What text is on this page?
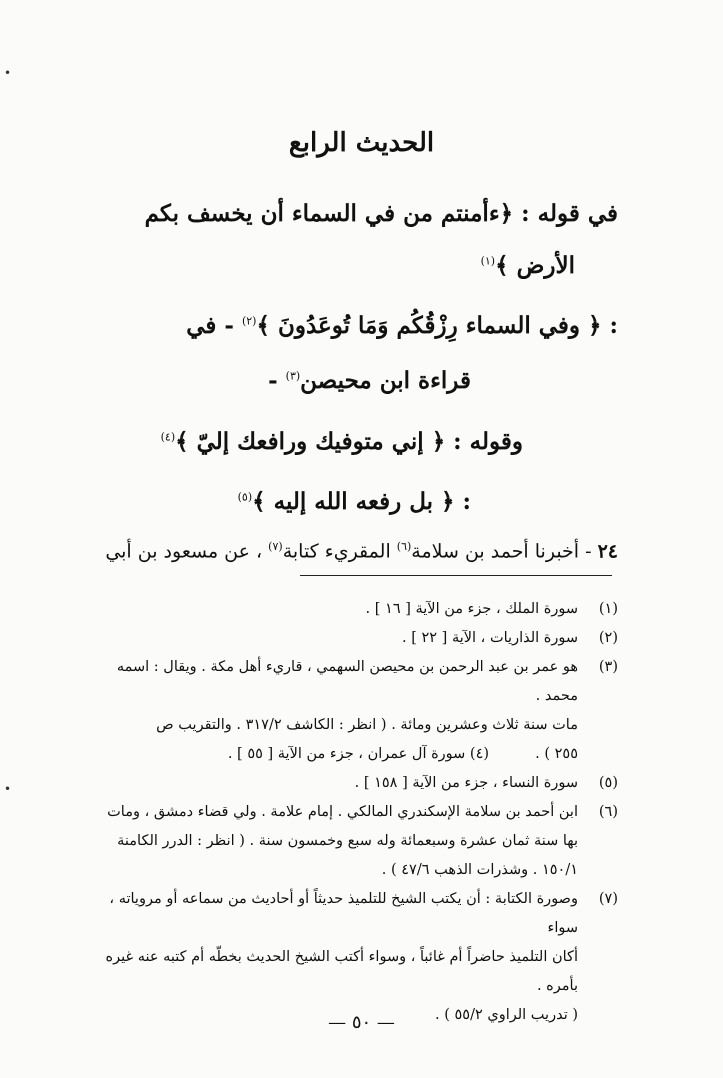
•
•
الحديث الرابع
في قوله : ﴿ءأمنتم من في السماء أن يخسف بكم
الأرض ﴾$^{(١)}$
: ﴿ وفي السماء رِزْقُكُم وَمَا تُوعَدُونَ ﴾$^{(٢)}$ - في
قراءة ابن محيصن$^{(٣)}$ -
وقوله : ﴿ إني متوفيك ورافعك إليّ ﴾$^{(٤)}$
: ﴿ بل رفعه الله إليه ﴾$^{(٥)}$
٢٤ - أخبرنا أحمد بن سلامة$^{(٦)}$ المقريء كتابة$^{(٧)}$ ، عن مسعود بن أبي
(١)
سورة الملك ، جزء من الآية [ ١٦ ] .
(٢)
سورة الذاريات ، الآية [ ٢٢ ] .
(٣)
هو عمر بن عبد الرحمن بن محيصن السهمي ، قاريء أهل مكة . ويقال : اسمه محمد .
مات سنة ثلاث وعشرين ومائة . ( انظر : الكاشف ٣١٧/٢ . والتقريب ص
٢٥٥ ) .          (٤) سورة آل عمران ، جزء من الآية [ ٥٥ ] .
(٥)
سورة النساء ، جزء من الآية [ ١٥٨ ] .
(٦)
ابن أحمد بن سلامة الإسكندري المالكي . إمام علامة . ولي قضاء دمشق ، ومات
بها سنة ثمان عشرة وسبعمائة وله سبع وخمسون سنة . ( انظر : الدرر الكامنة
١٥٠/١ . وشذرات الذهب ٤٧/٦ ) .
(٧)
وصورة الكتابة : أن يكتب الشيخ للتلميذ حديثاً أو أحاديث من سماعه أو مروياته ، سواء
أكان التلميذ حاضراً أم غائباً ، وسواء أكتب الشيخ الحديث بخطّه أم كتبه عنه غيره بأمره .
( تدريب الراوي ٥٥/٢ ) .
— ٥٠ —
